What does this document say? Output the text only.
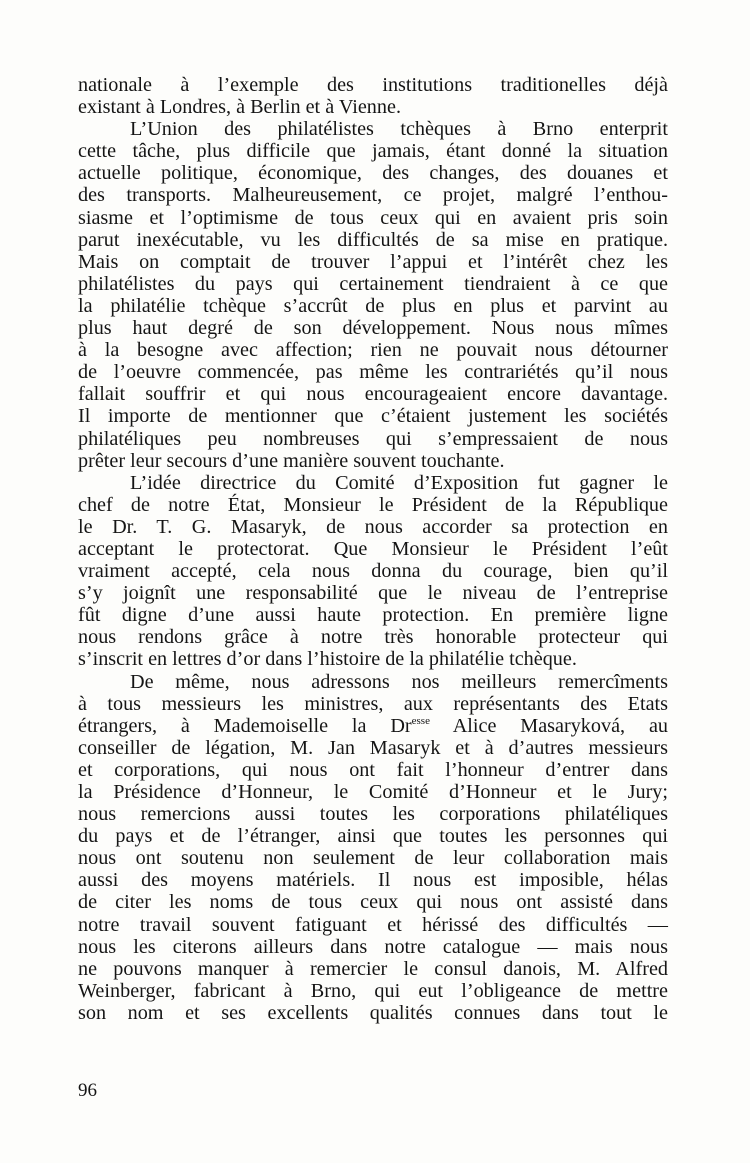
nationale à l’exemple des institutions traditionelles déjà
existant à Londres, à Berlin et à Vienne.
L’Union des philatélistes tchèques à Brno enterprit
cette tâche, plus difficile que jamais, étant donné la situation
actuelle politique, économique, des changes, des douanes et
des transports. Malheureusement, ce projet, malgré l’enthou-
siasme et l’optimisme de tous ceux qui en avaient pris soin
parut inexécutable, vu les difficultés de sa mise en pratique.
Mais on comptait de trouver l’appui et l’intérêt chez les
philatélistes du pays qui certainement tiendraient à ce que
la philatélie tchèque s’accrût de plus en plus et parvint au
plus haut degré de son développement. Nous nous mîmes
à la besogne avec affection; rien ne pouvait nous détourner
de l’oeuvre commencée, pas même les contrariétés qu’il nous
fallait souffrir et qui nous encourageaient encore davantage.
Il importe de mentionner que c’étaient justement les sociétés
philatéliques peu nombreuses qui s’empressaient de nous
prêter leur secours d’une manière souvent touchante.
L’idée directrice du Comité d’Exposition fut gagner le
chef de notre État, Monsieur le Président de la République
le Dr. T. G. Masaryk, de nous accorder sa protection en
acceptant le protectorat. Que Monsieur le Président l’eût
vraiment accepté, cela nous donna du courage, bien qu’il
s’y joignît une responsabilité que le niveau de l’entreprise
fût digne d’une aussi haute protection. En première ligne
nous rendons grâce à notre très honorable protecteur qui
s’inscrit en lettres d’or dans l’histoire de la philatélie tchèque.
De même, nous adressons nos meilleurs remercîments
à tous messieurs les ministres, aux représentants des Etats
étrangers, à Mademoiselle la $Dr^{esse}$ Alice Masaryková, au
conseiller de légation, M. Jan Masaryk et à d’autres messieurs
et corporations, qui nous ont fait l’honneur d’entrer dans
la Présidence d’Honneur, le Comité d’Honneur et le Jury;
nous remercions aussi toutes les corporations philatéliques
du pays et de l’étranger, ainsi que toutes les personnes qui
nous ont soutenu non seulement de leur collaboration mais
aussi des moyens matériels. Il nous est imposible, hélas
de citer les noms de tous ceux qui nous ont assisté dans
notre travail souvent fatiguant et hérissé des difficultés —
nous les citerons ailleurs dans notre catalogue — mais nous
ne pouvons manquer à remercier le consul danois, M. Alfred
Weinberger, fabricant à Brno, qui eut l’obligeance de mettre
son nom et ses excellents qualités connues dans tout le
96
